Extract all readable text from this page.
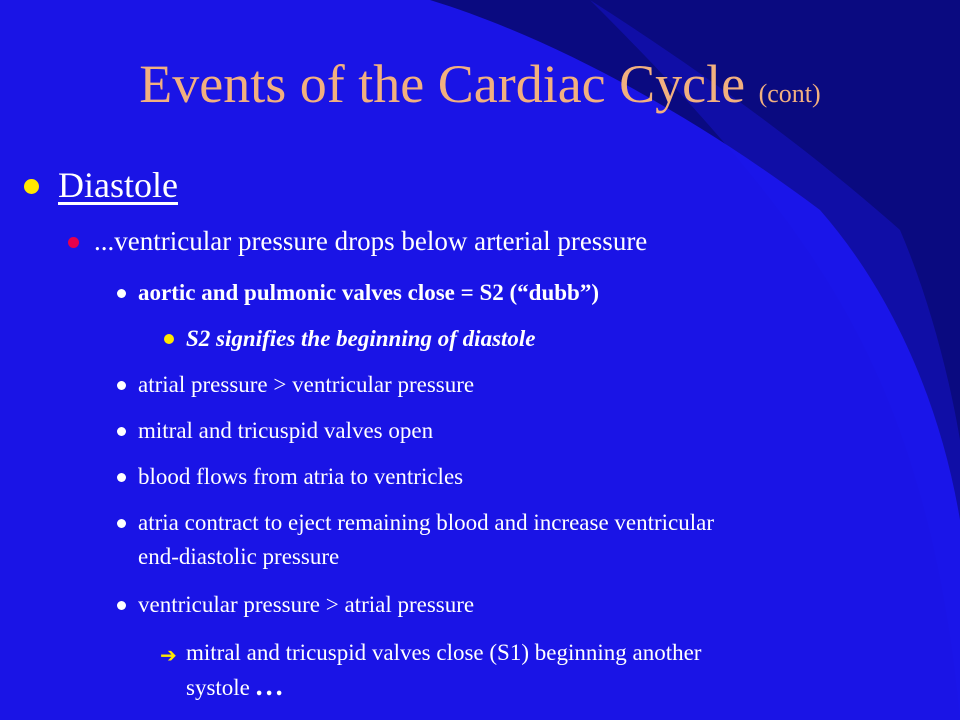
Events of the Cardiac Cycle (cont)
Diastole
...ventricular pressure drops below arterial pressure
aortic and pulmonic valves close = S2 (“dubb”)
S2 signifies the beginning of diastole
atrial pressure > ventricular pressure
mitral and tricuspid valves open
blood flows from atria to ventricles
atria contract to eject remaining blood and increase ventricular
end-diastolic pressure
ventricular pressure > atrial pressure
➔ mitral and tricuspid valves close (S1) beginning another
systole ...
